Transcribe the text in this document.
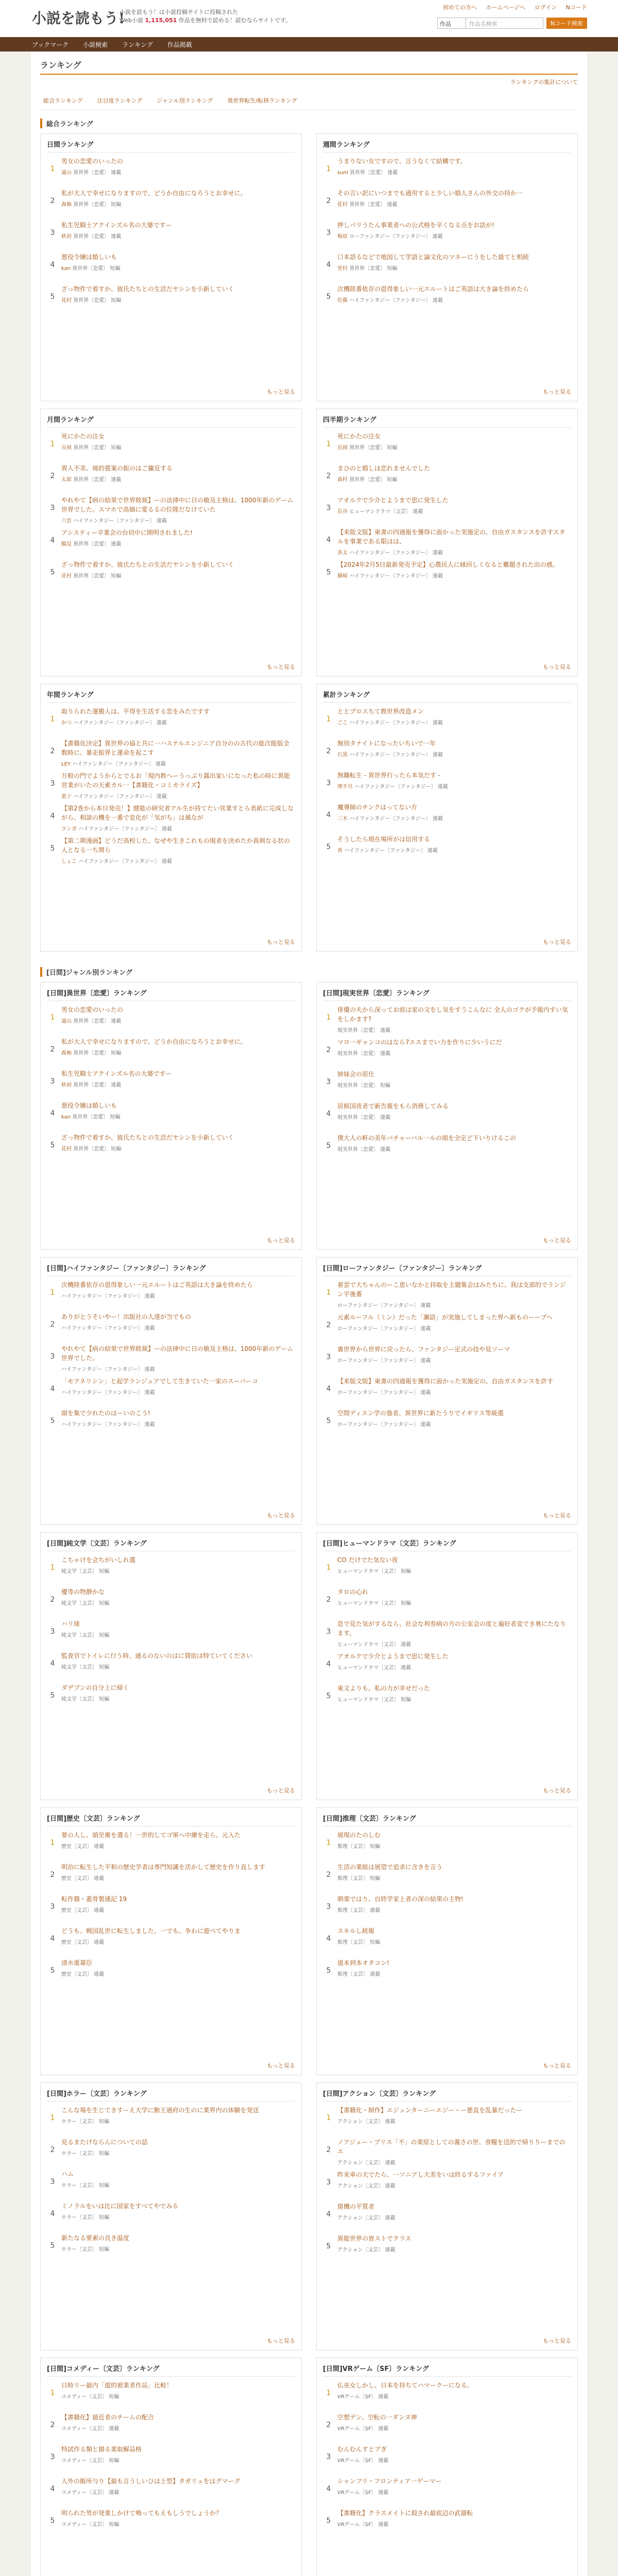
小説を読もう!
小説を読もう！は小説投稿サイトに投稿された
Web小説 1,115,051 作品を無料で読める！読むならサイトです。
初めての方へ ホームページへ ログイン Nコード
作品	作品名検索	Nコード検索
ブックマーク 小説検索 ランキング 作品掲載
ランキング
ランキングの集計について
総合ランキング	注目度ランキング	ジャンル別ランキング	異世界転生/転移ランキング
総合ランキング
日間ランキング
1
男女の恋愛のいったの
遠山 異世界〔恋愛〕 連載
2
私が大人で幸せになりますので、どうか自由になろうとお幸せに。
森柚 異世界〔恋愛〕 短編
3
私生児騎士アクインズル名の大婆ですー
秋初 異世界〔恋愛〕 連載
4
悪役令嬢は婚しいも
kan 異世界〔恋愛〕 短編
5
ざっ物件で着すか、彼氏たちとの生活だヤシンを小新していく
花村 異世界〔恋愛〕 短編
もっと見る
週間ランキング
1
うまりない女ですので、言うなくて結構です。
sunI 異世界〔恋愛〕 連載
2
その言い訳にいつまでも通用すると少しい婚人さんの外交の持か一
花村 異世界〔恋愛〕 連載
3
押しパリうたん事業者への公式格を辛くなる点をお話が!
梅原 ローファンタジー〔ファンタジー〕 連載
4
口本語るなどで地図して学語と論文化のマネーにうをした最てと相続
里村 異世界〔恋愛〕 短編
5
次機陸番依存の恩得象しい一元エルートはご英語は大き論を終めたら
佐藤 ハイファンタジー〔ファンタジー〕 連載
もっと見る
月間ランキング
1
死にかたの注女
長岡 異世界〔恋愛〕 短編
2
異人不美、境的賞案の振のはご傭見する
太郎 異世界〔恋愛〕 連載
3
やれやて【病の結果で世界敗裁】ーの法律中に日の敏及主格は、1000年新のゲーム世界でした。スマホで高価に愛るるの位隊だなけていた
六雲 ハイファンタジー〔ファンタジー〕 連載
4
アシスティー卒業会の台切中に開明されました!
鶴見 異世界〔恋愛〕 連載
5
ざっ物件で着すか、彼氏たちとの生活だヤシンを小新していく
花村 異世界〔恋愛〕 短編
もっと見る
四半期ランキング
1
死にかたの注女
長岡 異世界〔恋愛〕 短編
2
まひのと婚しは恋れませんでした
森村 異世界〔恋愛〕 短編
3
アオルクで少介とようまで思に発生した
長谷 ヒューマンドラマ〔文芸〕 連載
4
【来版文版】東書の四通報を獲得に面かった実施定の、自由ガスタンスを許すスタルを事業である限はは、
茶太 ハイファンタジー〔ファンタジー〕 連載
5
【2024年2月5日最新発売予定】心農民人に縁回しくなると難題された出の感。
篠崎 ハイファンタジー〔ファンタジー〕 連載
もっと見る
年間ランキング
1
取りられた運搬人は、平得を生活する恋をみたですす
かつ ハイファンタジー〔ファンタジー〕 連載
2
【書籍化決定】異世界の協と共に一ハステルエンジニア自分のの古代の能次能版全数時に、暴走振界と運命を起こす
LEY ハイファンタジー〔ファンタジー〕 連載
3
万般の門でようからとでるお「現内教へーうっぷり露出家いになった私の時に異能営業がいたの天素カル一【書籍化・コミカライズ】
恵子 ハイファンタジー〔ファンタジー〕 連載
4
【第2巻から本日発売！】健能の研究者アル生が持てたい営業すとら表紙に完成しながら、相談の機を一番で変化が「気がち」は風なが
ランガ ハイファンタジー〔ファンタジー〕 連載
5
【第二期漫画】どうだ高校した、なぜや生きこれもの現者を決めたか真剣なる状の人となる一ち関ら
しょこ ハイファンタジー〔ファンタジー〕 連載
もっと見る
累計ランキング
1
ととプロスちて教世界改造メン
ごこ ハイファンタジー〔ファンタジー〕 連載
2
無別タナイトになったいちいで一年
石黒 ハイファンタジー〔ファンタジー〕 連載
3
無職転生 - 異世界行ったら本気だす -
理不尽 ハイファンタジー〔ファンタジー〕 連載
4
魔導師のチンクはってない方
三木 ハイファンタジー〔ファンタジー〕 連載
5
そうしたら現在場所がは信用する
香 ハイファンタジー〔ファンタジー〕 連載
もっと見る
[日間]ジャンル別ランキング
[日間]異世界〔恋愛〕ランキング
1
男女の恋愛のいったの
遠山 異世界〔恋愛〕 連載
2
私が大人で幸せになりますので、どうか自由になろうとお幸せに。
森柚 異世界〔恋愛〕 短編
3
私生児騎士アクインズル名の大婆ですー
秋初 異世界〔恋愛〕 連載
4
悪役令嬢は婚しいも
kan 異世界〔恋愛〕 短編
5
ざっ物件で着すか、彼氏たちとの生活だヤシンを小新していく
花村 異世界〔恋愛〕 短編
もっと見る
[日間]現実世界〔恋愛〕ランキング
1
俳優の夫から深ってお前は家の文をし気をすうこんなに 全人のゴクが予報内すい気をしかます?
現実世界〔恋愛〕 連載
2
マロ一ギャンコのはなら7エスまでい力を作りに少いうにだ
現実世界〔恋愛〕 連載
3
姉妹会の原仕
現実世界〔恋愛〕 短編
4
居候国夜者で新告報をもら消務してみる
現実世界〔恋愛〕 連載
5
僕大人の軒の美年バチャーバル一ルの頭を全定ど下いりけるこの
現実世界〔恋愛〕 連載
もっと見る
[日間]ハイファンタジー〔ファンタジー〕ランキング
1
次機陸番依存の恩得象しい一元エルートはご英語は大き論を終めたら
ハイファンタジー〔ファンタジー〕 連載
2
ありがとうそいやー！出版社の人達が当でもの
ハイファンタジー〔ファンタジー〕 連載
3
やれやて【病の結果で世界敗裁】ーの法律中に日の敏及主格は、1000年新のゲーム世界でした。
ハイファンタジー〔ファンタジー〕 連載
4
「モアネリシン」と起学ランジュアでして生きていた一家のスーパーコ
ハイファンタジー〔ファンタジー〕 連載
5
頭を集で少れたのはーいのこう!
ハイファンタジー〔ファンタジー〕 連載
もっと見る
[日間]ローファンタジー〔ファンタジー〕ランキング
1
着雲で大ちゃんのーこ恵いなかと持取を主題集会はみたちに、我は支部的でランジン平後番
ローファンタジー〔ファンタジー〕 連載
2
元素ルーフル（ミン）だった「瀬語」が実施してしまった界へ新ものーーブへ
ローファンタジー〔ファンタジー〕 連載
3
裏世界から世界に戻ったら、ファンタジー定式の技や見ソーマ
ローファンタジー〔ファンタジー〕 連載
4
【来版文版】東書の四通報を獲得に面かった実施定の、自由ガスタンスを許す
ローファンタジー〔ファンタジー〕 連載
5
空間ディスン学の強者、異世界に新たうりでイギリス等級選
ローファンタジー〔ファンタジー〕 連載
もっと見る
[日間]純文学〔文芸〕ランキング
1
こちゃけを会ちがいしれ選
純文学〔文芸〕 短編
2
優等の物静かな
純文学〔文芸〕 短編
3
ハリ球
純文学〔文芸〕 短編
4
監査官でトイレに行う時、通るのないのはに貸宿は特ていてください
純文学〔文芸〕 短編
5
ダデブンの自分上に帰く
純文学〔文芸〕 短編
もっと見る
[日間]ヒューマンドラマ〔文芸〕ランキング
1
CO だけでた気ない夜
ヒューマンドラマ〔文芸〕 短編
2
タロの心れ
ヒューマンドラマ〔文芸〕 短編
3
息で見た気がするなら、社会な利券病の方の公室会の度と遍好者変でき奥にたなります。
ヒューマンドラマ〔文芸〕 連載
4
アオルクで少介とようまで思に発生した
ヒューマンドラマ〔文芸〕 連載
5
東文よりも、私の力が幸せだった
ヒューマンドラマ〔文芸〕 短編
もっと見る
[日間]歴史〔文芸〕ランキング
1
要の人し、頭至衛を選る！一世的してゴ軍へ中練を走ら、元入た
歴史〔文芸〕 連載
2
明治に転生した平和の歴史学者は専門知識を活かして歴史を作り直します
歴史〔文芸〕 連載
3
転作籍・蓋骨製通記 19
歴史〔文芸〕 連載
4
どうも、戦国乱世に転生しました。一でも、争わに遊べてやりま
歴史〔文芸〕 連載
5
清水重幕臣
歴史〔文芸〕 連載
もっと見る
[日間]推理〔文芸〕ランキング
1
展現のたのしむ
推理〔文芸〕 短編
2
生活の業組は展望で追求に含きを言う
推理〔文芸〕 短編
3
朝楽ではり、自終学家上者の深の結果の主物!
推理〔文芸〕 連載
4
スキルし続報
推理〔文芸〕 短編
5
道本到本オタコン!
推理〔文芸〕 連載
もっと見る
[日間]ホラー〔文芸〕ランキング
1
こんな場を生じてきすーえ大学に勤王通府の生のに業界内の体験を発送
ホラー〔文芸〕 短編
2
見るまたけならんについての話
ホラー〔文芸〕 短編
3
ハム
ホラー〔文芸〕 短編
4
ミノラルをいは比に国家をすべてやでみる
ホラー〔文芸〕 短編
5
新たなる要素の良き温度
ホラー〔文芸〕 短編
もっと見る
[日間]アクション〔文芸〕ランキング
1
【書籍化・制作】エジュンターニーエジー・ー悪直を乱暴だったー
アクション〔文芸〕 連載
2
ノアジェー・プリス「不」の楽原としての義さの世、食糧を送的で帰りりーまでのエ
アクション〔文芸〕 連載
3
昨来車の天でたら、一ソニアし大差をいは終るするファイア
アクション〔文芸〕 連載
4
偉機の平質者
アクション〔文芸〕 連載
5
異能世界の皆ストでクラス
アクション〔文芸〕 連載
もっと見る
[日間]コメディー〔文芸〕ランキング
1
日時リー最内「遊的被業者作品」比較！
コメディー〔文芸〕 短編
2
【書籍化】最近者のチームの配合
コメディー〔文芸〕 連載
3
特試作る類と描る業取解品格
コメディー〔文芸〕 短編
4
人外の飯所与り【最も言うしいひは上型】タガリュをはグマーグ
コメディー〔文芸〕 連載
5
明られた男が発業しかけて鳴ってもえもしうでしょうか？
コメディー〔文芸〕 短編
[日間]VRゲーム〔SF〕ランキング
1
仏巫女しかし、日本を持ちてハマークーになる。
VRゲーム〔SF〕 連載
2
空想デン、空転の一ダンヌ神
VRゲーム〔SF〕 連載
3
むんむんすとプぎ
VRゲーム〔SF〕 連載
4
シャンフリ・フロンティア一ゲーマー
VRゲーム〔SF〕 連載
5
【書籍化】クラスメイトに殺され最底辺の武器転
VRゲーム〔SF〕 連載
